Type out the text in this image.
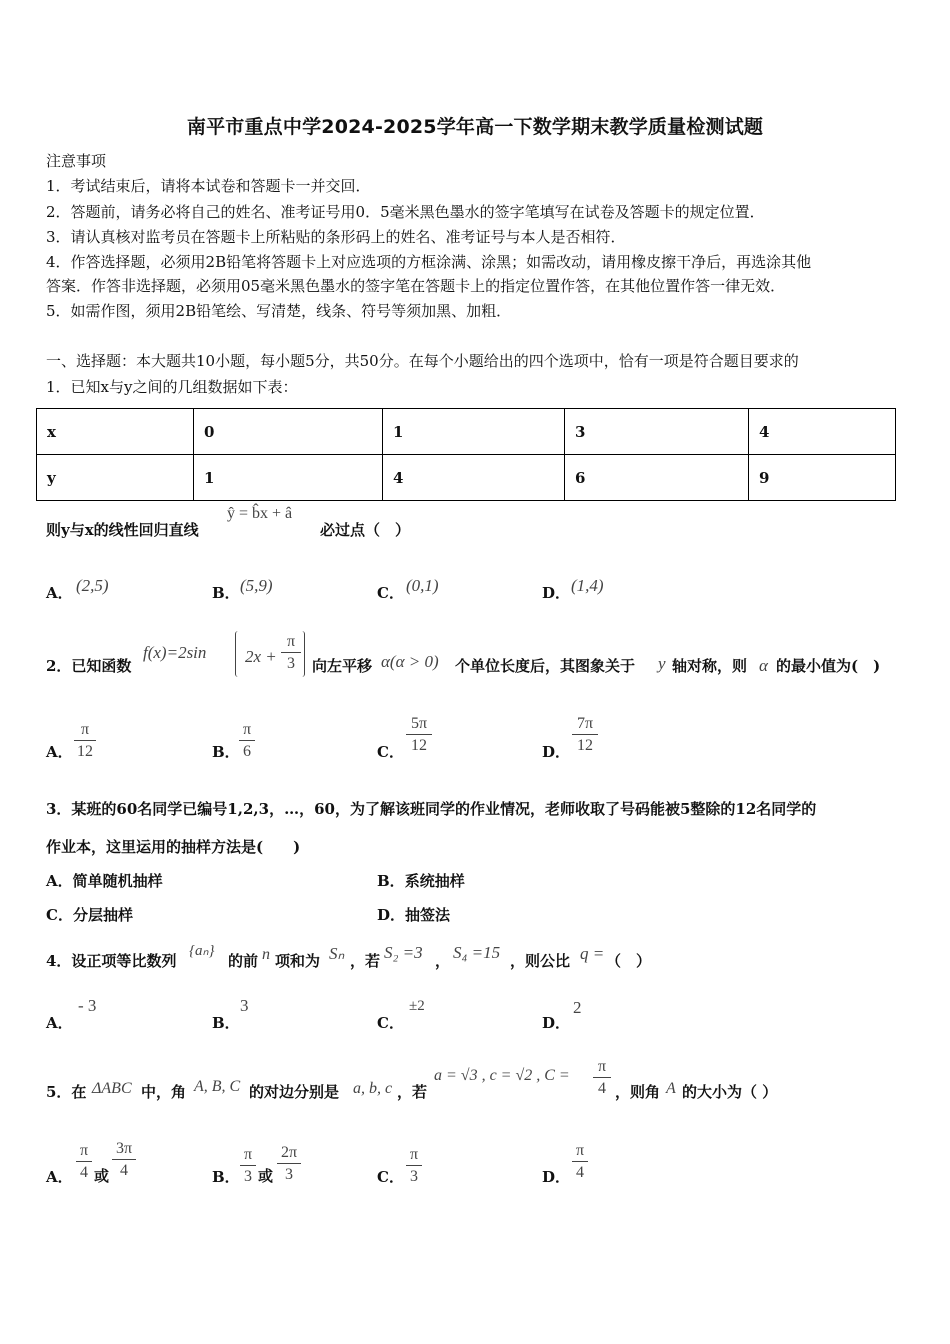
南平市重点中学2024-2025学年高一下数学期末教学质量检测试题
注意事项
1．考试结束后，请将本试卷和答题卡一并交回．
2．答题前，请务必将自己的姓名、准考证号用0．5毫米黑色墨水的签字笔填写在试卷及答题卡的规定位置．
3．请认真核对监考员在答题卡上所粘贴的条形码上的姓名、准考证号与本人是否相符．
4．作答选择题，必须用2B铅笔将答题卡上对应选项的方框涂满、涂黑；如需改动，请用橡皮擦干净后，再选涂其他
答案．作答非选择题，必须用05毫米黑色墨水的签字笔在答题卡上的指定位置作答，在其他位置作答一律无效．
5．如需作图，须用2B铅笔绘、写清楚，线条、符号等须加黑、加粗．
一、选择题：本大题共10小题，每小题5分，共50分。在每个小题给出的四个选项中，恰有一项是符合题目要求的
1．已知x与y之间的几组数据如下表：
x	0	1	3	4
y	1	4	6	9
则y与x的线性回归直线
ŷ = b̂x + â
必过点（　）
A． (2,5)	B． (5,9)	C． (0,1)	D． (1,4)
2．已知函数
f(x)=2sin 2x +
π
3	向左平移 α(α > 0) 个单位长度后，其图象关于 y 轴对称，则 α 的最小值为(　)
A．
π
12	B．
π
6	C．
5π
12	D．
7π
12
3．某班的60名同学已编号1,2,3，…，60，为了解该班同学的作业情况，老师收取了号码能被5整除的12名同学的
作业本，这里运用的抽样方法是(　　)
A．简单随机抽样	B．系统抽样
C．分层抽样	D．抽签法
4．设正项等比数列
{aₙ}
的前 n 项和为 Sₙ ，若 S₂ =3 ， S₄ =15 ，则公比 q = （　）
A．
- 3
B．
3
C．
±2
D．
2
5．在 ΔABC 中，角 A, B, C 的对边分别是 a, b, c ，若
a = √3 , c = √2 , C =
π
4 ，则角 A 的大小为（ ）
A．
π
4 或
3π
4	B．
π
3 或
2π
3	C．
π
3	D．
π
4
